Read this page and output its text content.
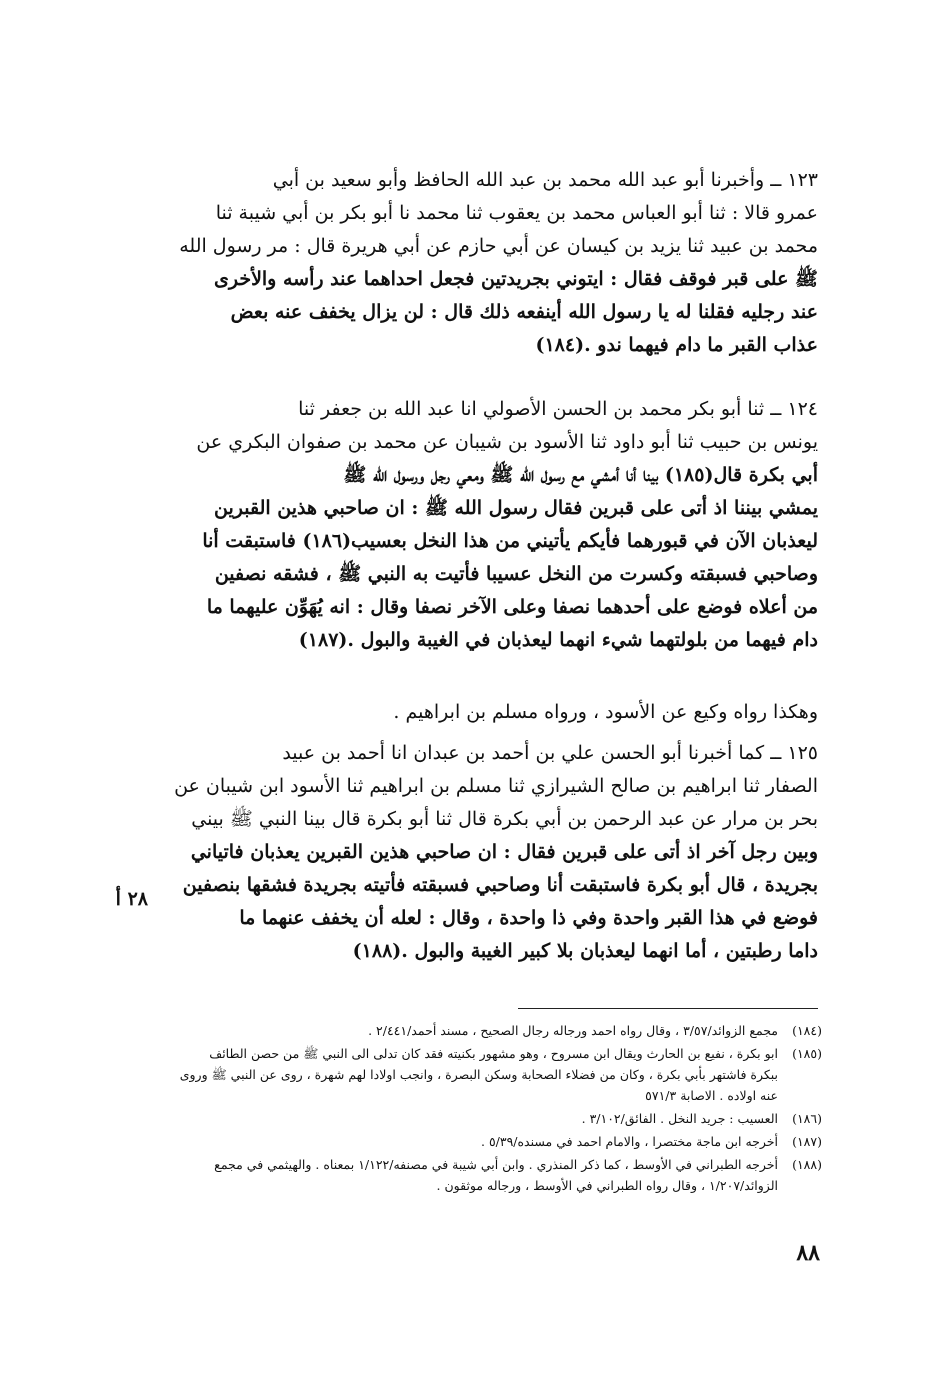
١٢٣ ــ وأخبرنا أبو عبد الله محمد بن عبد الله الحافظ وأبو سعيد بن أبي
عمرو قالا : ثنا أبو العباس محمد بن يعقوب ثنا محمد نا أبو بكر بن أبي شيبة ثنا
محمد بن عبيد ثنا يزيد بن كيسان عن أبي حازم عن أبي هريرة قال : مر رسول الله
ﷺ على قبر فوقف فقال : ايتوني بجريدتين فجعل احداهما عند رأسه والأخرى
عند رجليه فقلنا له يا رسول الله أينفعه ذلك قال : لن يزال يخفف عنه بعض
عذاب القبر ما دام فيهما ندو .(١٨٤)
١٢٤ ــ ثنا أبو بكر محمد بن الحسن الأصولي انا عبد الله بن جعفر ثنا
يونس بن حبيب ثنا أبو داود ثنا الأسود بن شيبان عن محمد بن صفوان البكري عن
أبي بكرة قال(١٨٥) بينا أنا أمشي مع رسول الله ﷺ ومعي رجل ورسول الله ﷺ
يمشي بيننا اذ أتى على قبرين فقال رسول الله ﷺ : ان صاحبي هذين القبرين
ليعذبان الآن في قبورهما فأيكم يأتيني من هذا النخل بعسيب(١٨٦) فاستبقت أنا
وصاحبي فسبقته وكسرت من النخل عسيبا فأتيت به النبي ﷺ ، فشقه نصفين
من أعلاه فوضع على أحدهما نصفا وعلى الآخر نصفا وقال : انه يُهَوِّن عليهما ما
دام فيهما من بلولتهما شيء انهما ليعذبان في الغيبة والبول .(١٨٧)
وهكذا رواه وكيع عن الأسود ، ورواه مسلم بن ابراهيم .
١٢٥ ــ كما أخبرنا أبو الحسن علي بن أحمد بن عبدان انا أحمد بن عبيد
الصفار ثنا ابراهيم بن صالح الشيرازي ثنا مسلم بن ابراهيم ثنا الأسود ابن شيبان عن
بحر بن مرار عن عبد الرحمن بن أبي بكرة قال ثنا أبو بكرة قال بينا النبي ﷺ بيني
وبين رجل آخر اذ أتى على قبرين فقال : ان صاحبي هذين القبرين يعذبان فاتياني
بجريدة ، قال أبو بكرة فاستبقت أنا وصاحبي فسبقته فأتيته بجريدة فشقها بنصفين
فوضع في هذا القبر واحدة وفي ذا واحدة ، وقال : لعله أن يخفف عنهما ما
داما رطبتين ، أما انهما ليعذبان بلا كبير الغيبة والبول .(١٨٨)
٢٨ أ
(١٨٤)
مجمع الزوائد/٣/٥٧ ، وقال رواه احمد ورجاله رجال الصحيح ، مسند أحمد/٢/٤٤١ .
(١٨٥)
ابو بكرة ، نفيع بن الحارث ويقال ابن مسروح ، وهو مشهور بكنيته فقد كان تدلى الى النبي ﷺ من حصن الطائف
ببكرة فاشتهر بأبي بكرة ، وكان من فضلاء الصحابة وسكن البصرة ، وانجب اولادا لهم شهرة ، روى عن النبي ﷺ وروى
عنه اولاده . الاصابة ٥٧١/٣
(١٨٦)
العسيب : جريد النخل . الفائق/٣/١٠٢ .
(١٨٧)
أخرجه ابن ماجة مختصرا ، والامام احمد في مسنده/٥/٣٩ .
(١٨٨)
أخرجه الطبراني في الأوسط ، كما ذكر المنذري . وابن أبي شيبة في مصنفه/١/١٢٢ بمعناه . والهيثمي في مجمع
الزوائد/١/٢٠٧ ، وقال رواه الطبراني في الأوسط ، ورجاله موثقون .
٨٨
